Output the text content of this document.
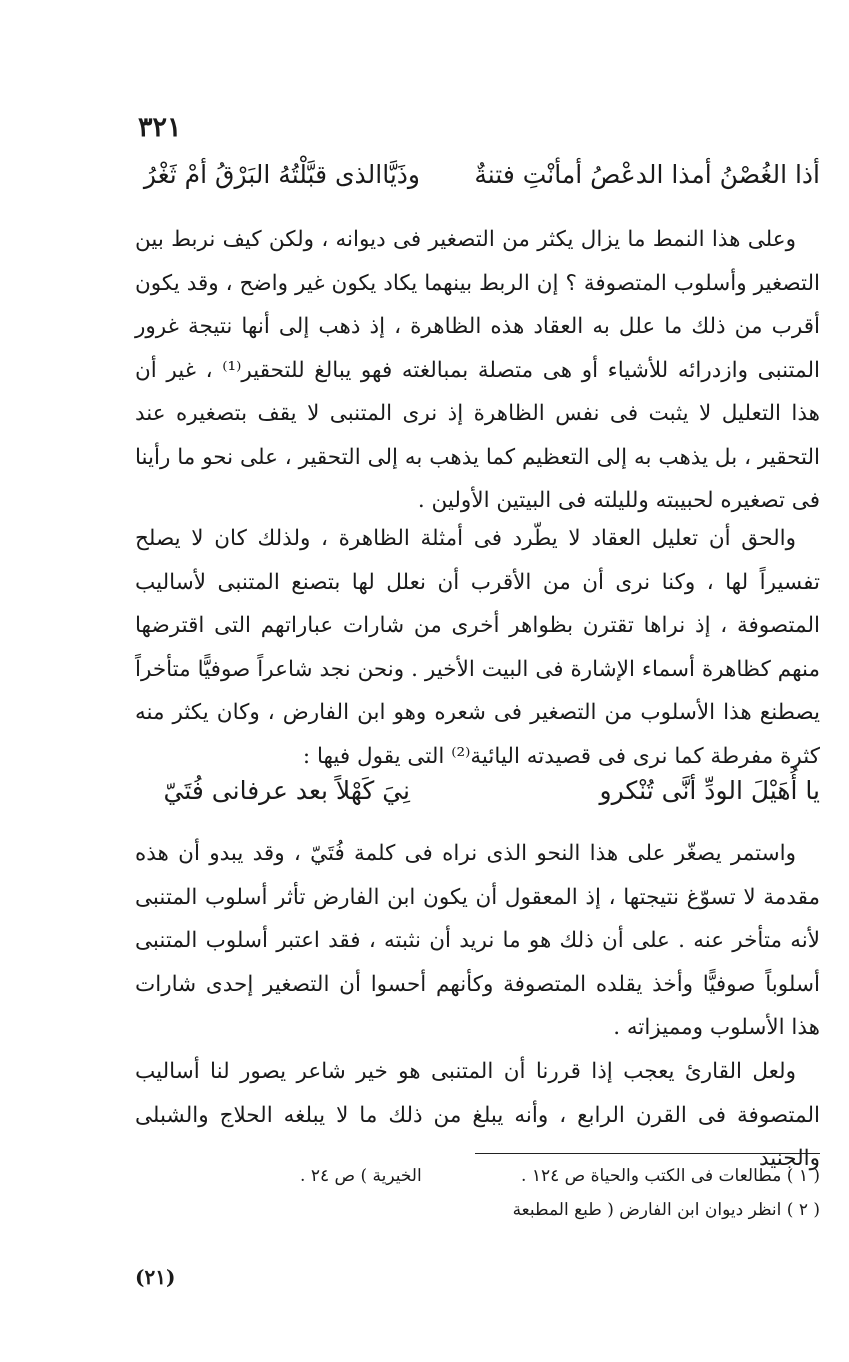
٣٢١
أذا الغُصْنُ أمذا الدعْصُ أمأنْتِ فتنةٌ
وذَيَّاالذى قبَّلْتُهُ البَرْقُ أمْ ثَغْرُ

وعلى هذا النمط ما يزال يكثر من التصغير فى ديوانه ، ولكن كيف نربط بين التصغير وأسلوب المتصوفة ؟ إن الربط بينهما يكاد يكون غير واضح ، وقد يكون أقرب من ذلك ما علل به العقاد هذه الظاهرة ، إذ ذهب إلى أنها نتيجة غرور المتنبى وازدرائه للأشياء أو هى متصلة بمبالغته فهو يبالغ للتحقير⁽¹⁾ ، غير أن هذا التعليل لا يثبت فى نفس الظاهرة إذ نرى المتنبى لا يقف بتصغيره عند التحقير ، بل يذهب به إلى التعظيم كما يذهب به إلى التحقير ، على نحو ما رأينا فى تصغيره لحبيبته ولليلته فى البيتين الأولين .

والحق أن تعليل العقاد لا يطّرد فى أمثلة الظاهرة ، ولذلك كان لا يصلح تفسيراً لها ، وكنا نرى أن من الأقرب أن نعلل لها بتصنع المتنبى لأساليب المتصوفة ، إذ نراها تقترن بظواهر أخرى من شارات عباراتهم التى اقترضها منهم كظاهرة أسماء الإشارة فى البيت الأخير . ونحن نجد شاعراً صوفيًّا متأخراً يصطنع هذا الأسلوب من التصغير فى شعره وهو ابن الفارض ، وكان يكثر منه كثرة مفرطة كما نرى فى قصيدته اليائية⁽²⁾ التى يقول فيها :

يا أُهَيْلَ الودِّ أنَّى تُنْكرو
نِيَ كَهْلاً بعد عرفانى فُتَيّ

واستمر يصغّر على هذا النحو الذى نراه فى كلمة فُتَيّ ، وقد يبدو أن هذه مقدمة لا تسوّغ نتيجتها ، إذ المعقول أن يكون ابن الفارض تأثر أسلوب المتنبى لأنه متأخر عنه . على أن ذلك هو ما نريد أن نثبته ، فقد اعتبر أسلوب المتنبى أسلوباً صوفيًّا وأخذ يقلده المتصوفة وكأنهم أحسوا أن التصغير إحدى شارات هذا الأسلوب ومميزاته .

ولعل القارئ يعجب إذا قررنا أن المتنبى هو خير شاعر يصور لنا أساليب المتصوفة فى القرن الرابع ، وأنه يبلغ من ذلك ما لا يبلغه الحلاج والشبلى والجنيد

( ١ ) مطالعات فى الكتب والحياة ص ١٢٤ .
الخيرية ) ص ٢٤ .
( ٢ ) انظر ديوان ابن الفارض ( طبع المطبعة
(٢١)
